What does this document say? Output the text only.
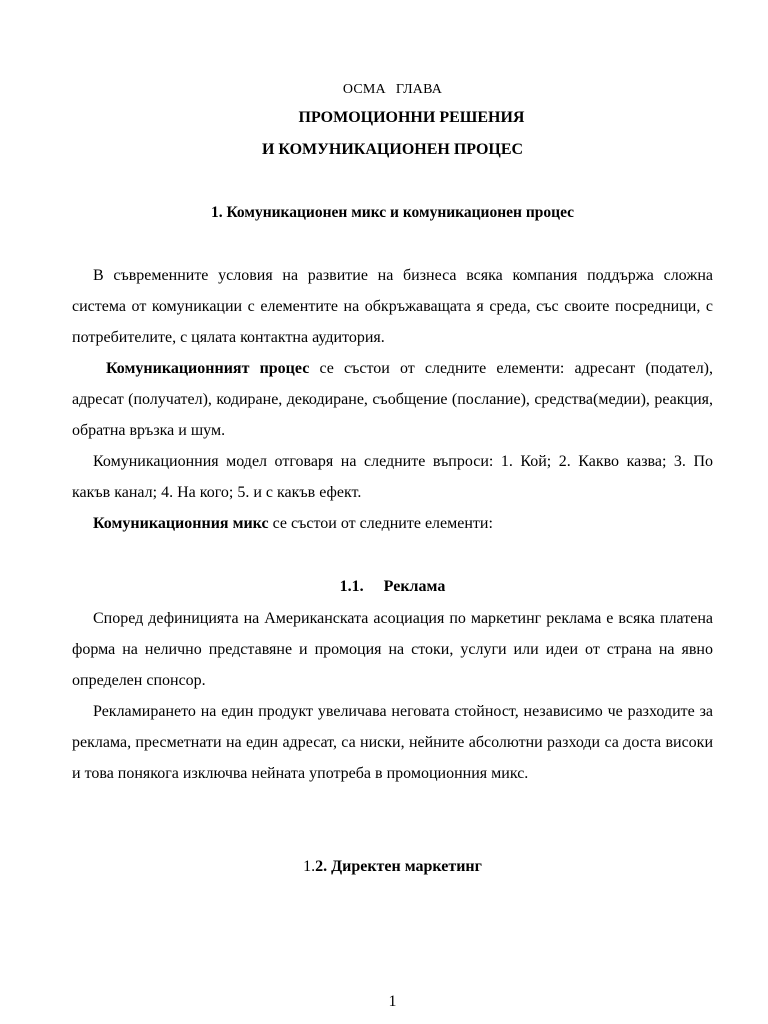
ОСМА ГЛАВА
ПРОМОЦИОННИ РЕШЕНИЯ
И КОМУНИКАЦИОНЕН ПРОЦЕС
1. Комуникационен микс и комуникационен процес

В съвременните условия на развитие на бизнеса всяка компания поддържа сложна система от комуникации с елементите на обкръжаващата я среда, със своите посредници, с потребителите, с цялата контактна аудитория.

Комуникационният процес се състои от следните елементи: адресант (подател), адресат (получател), кодиране, декодиране, съобщение (послание), средства(медии), реакция, обратна връзка и шум.

Комуникационния модел отговаря на следните въпроси: 1. Кой; 2. Какво казва; 3. По какъв канал; 4. На кого; 5. и с какъв ефект.

Комуникационния микс се състои от следните елементи:

1.1. Реклама

Според дефиницията на Американската асоциация по маркетинг реклама е всяка платена форма на нелично представяне и промоция на стоки, услуги или идеи от страна на явно определен спонсор.

Рекламирането на един продукт увеличава неговата стойност, независимо че разходите за реклама, пресметнати на един адресат, са ниски, нейните абсолютни разходи са доста високи и това понякога изключва нейната употреба в промоционния микс.

1.2. Директен маркетинг
1
